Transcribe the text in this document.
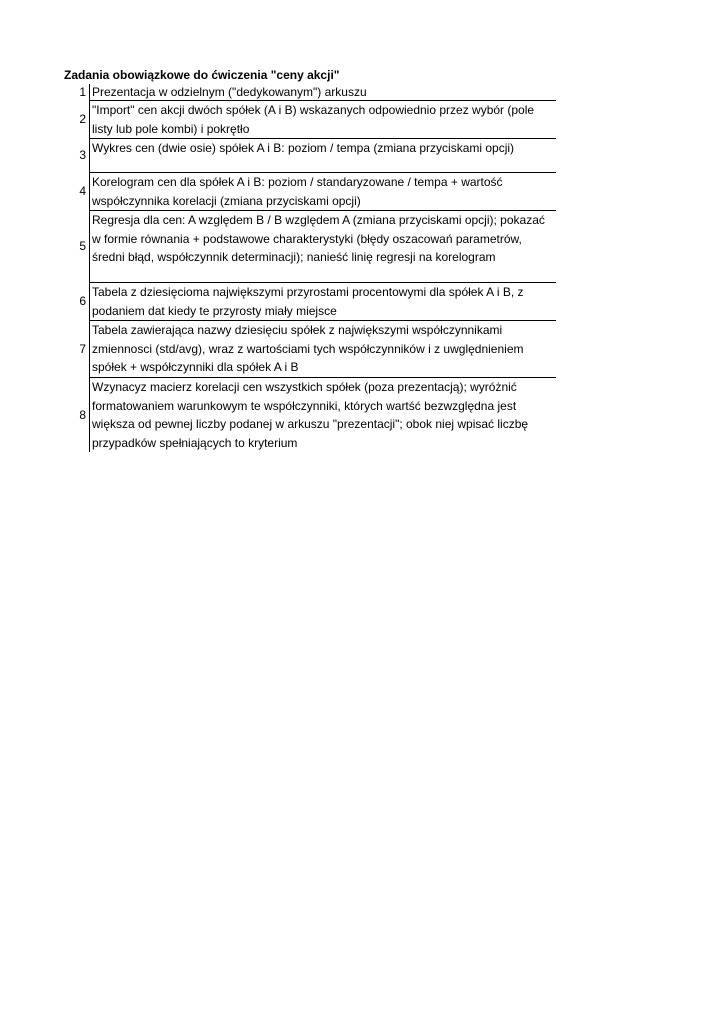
Zadania obowiązkowe do ćwiczenia "ceny akcji"
1	Prezentacja w odzielnym ("dedykowanym") arkuszu

2	"Import" cen akcji dwóch spółek (A i B) wskazanych odpowiednio przez wybór (pole
listy lub pole kombi) i pokrętło

3	Wykres cen (dwie osie) spółek A i B: poziom / tempa (zmiana przyciskami opcji)

4	Korelogram cen dla spółek A i B: poziom / standaryzowane / tempa + wartość
współczynnika korelacji (zmiana przyciskami opcji)

5	Regresja dla cen: A względem B / B względem A (zmiana przyciskami opcji); pokazać
w formie równania + podstawowe charakterystyki (błędy oszacowań parametrów,
średni błąd, współczynnik determinacji); nanieść linię regresji na korelogram

6	Tabela z dziesięcioma największymi przyrostami procentowymi dla spółek A i B, z
podaniem dat kiedy te przyrosty miały miejsce

7	Tabela zawierająca nazwy dziesięciu spółek z największymi współczynnikami
zmiennosci (std/avg), wraz z wartościami tych współczynników i z uwględnieniem
spółek + współczynniki dla spółek A i B

8	Wzynacyz macierz korelacji cen wszystkich spółek (poza prezentacją); wyróżnić
formatowaniem warunkowym te współczynniki, których wartść bezwzględna jest
większa od pewnej liczby podanej w arkuszu "prezentacji"; obok niej wpisać liczbę
przypadków spełniających to kryterium
